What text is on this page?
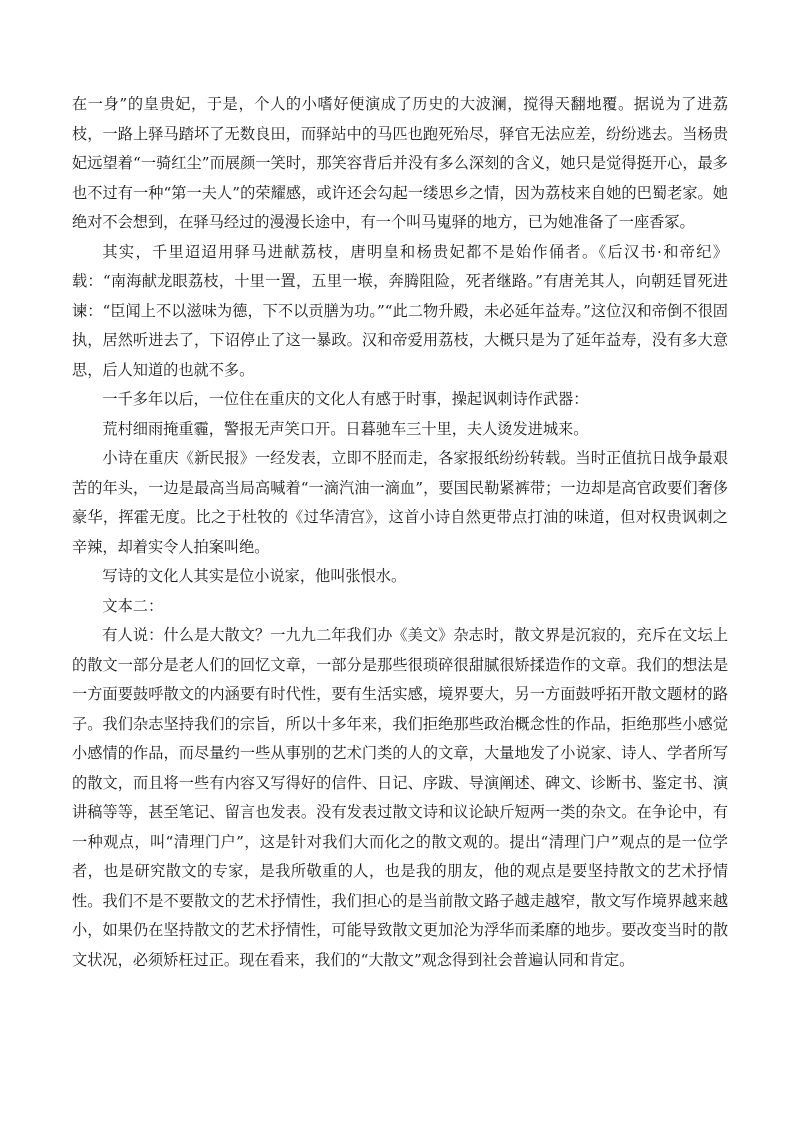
在一身”的皇贵妃，于是，个人的小嗜好便演成了历史的大波澜，搅得天翻地覆。据说为了进荔枝，一路上驿马踏坏了无数良田，而驿站中的马匹也跑死殆尽，驿官无法应差，纷纷逃去。当杨贵妃远望着“一骑红尘”而展颜一笑时，那笑容背后并没有多么深刻的含义，她只是觉得挺开心，最多也不过有一种“第一夫人”的荣耀感，或许还会勾起一缕思乡之情，因为荔枝来自她的巴蜀老家。她绝对不会想到，在驿马经过的漫漫长途中，有一个叫马嵬驿的地方，已为她准备了一座香冢。

其实，千里迢迢用驿马进献荔枝，唐明皇和杨贵妃都不是始作俑者。《后汉书·和帝纪》载：“南海献龙眼荔枝，十里一置，五里一堠，奔腾阻险，死者继路。”有唐羌其人，向朝廷冒死进谏：“臣闻上不以滋味为德，下不以贡膳为功。”“此二物升殿，未必延年益寿。”这位汉和帝倒不很固执，居然听进去了，下诏停止了这一暴政。汉和帝爱用荔枝，大概只是为了延年益寿，没有多大意思，后人知道的也就不多。

一千多年以后，一位住在重庆的文化人有感于时事，操起讽刺诗作武器：

荒村细雨掩重霾，警报无声笑口开。日暮驰车三十里，夫人烫发进城来。

小诗在重庆《新民报》一经发表，立即不胫而走，各家报纸纷纷转载。当时正值抗日战争最艰苦的年头，一边是最高当局高喊着“一滴汽油一滴血”，要国民勒紧裤带；一边却是高官政要们奢侈豪华，挥霍无度。比之于杜牧的《过华清宫》，这首小诗自然更带点打油的味道，但对权贵讽刺之辛辣，却着实令人拍案叫绝。

写诗的文化人其实是位小说家，他叫张恨水。

文本二：

有人说：什么是大散文？一九九二年我们办《美文》杂志时，散文界是沉寂的，充斥在文坛上的散文一部分是老人们的回忆文章，一部分是那些很琐碎很甜腻很矫揉造作的文章。我们的想法是一方面要鼓呼散文的内涵要有时代性，要有生活实感，境界要大，另一方面鼓呼拓开散文题材的路子。我们杂志坚持我们的宗旨，所以十多年来，我们拒绝那些政治概念性的作品，拒绝那些小感觉小感情的作品，而尽量约一些从事别的艺术门类的人的文章，大量地发了小说家、诗人、学者所写的散文，而且将一些有内容又写得好的信件、日记、序跋、导演阐述、碑文、诊断书、鉴定书、演讲稿等等，甚至笔记、留言也发表。没有发表过散文诗和议论缺斤短两一类的杂文。在争论中，有一种观点，叫“清理门户”，这是针对我们大而化之的散文观的。提出“清理门户”观点的是一位学者，也是研究散文的专家，是我所敬重的人，也是我的朋友，他的观点是要坚持散文的艺术抒情性。我们不是不要散文的艺术抒情性，我们担心的是当前散文路子越走越窄，散文写作境界越来越小，如果仍在坚持散文的艺术抒情性，可能导致散文更加沦为浮华而柔靡的地步。要改变当时的散文状况，必须矫枉过正。现在看来，我们的“大散文”观念得到社会普遍认同和肯定。
